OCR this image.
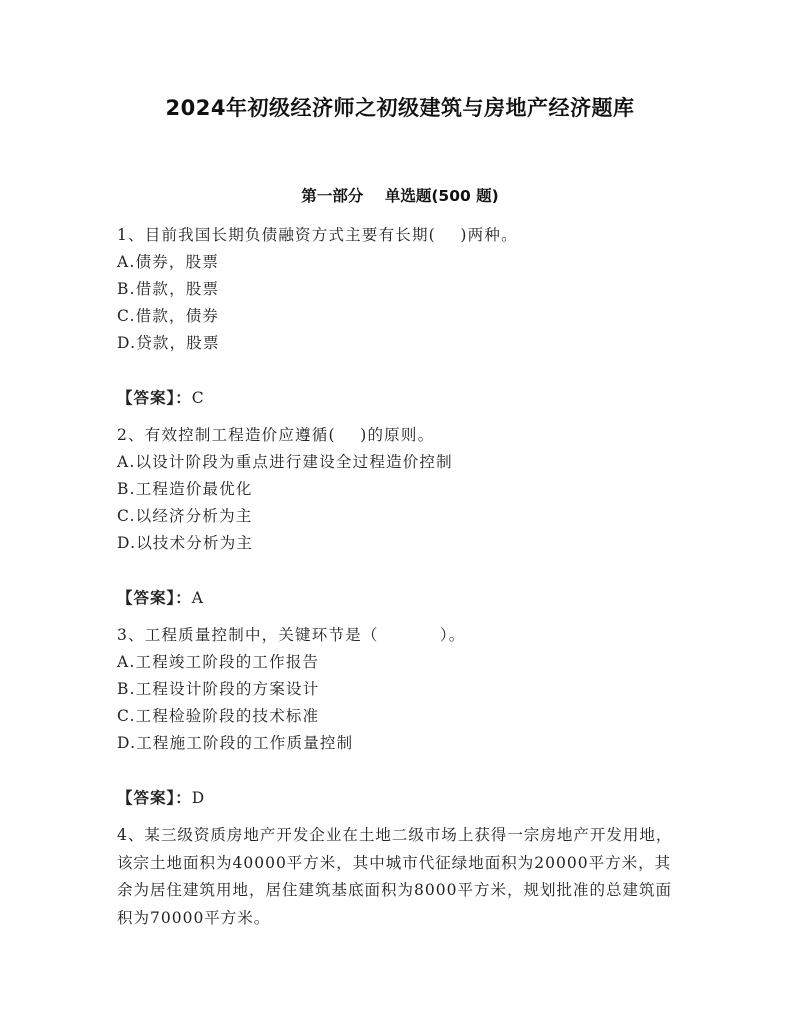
2024年初级经济师之初级建筑与房地产经济题库
第一部分    单选题(500 题)
1、目前我国长期负债融资方式主要有长期(    )两种。
A.债券，股票
B.借款，股票
C.借款，债券
D.贷款，股票
【答案】：C
2、有效控制工程造价应遵循(    )的原则。
A.以设计阶段为重点进行建设全过程造价控制
B.工程造价最优化
C.以经济分析为主
D.以技术分析为主
【答案】：A
3、工程质量控制中，关键环节是（          ）。
A.工程竣工阶段的工作报告
B.工程设计阶段的方案设计
C.工程检验阶段的技术标准
D.工程施工阶段的工作质量控制
【答案】：D
4、某三级资质房地产开发企业在土地二级市场上获得一宗房地产开发用地，该宗土地面积为40000平方米，其中城市代征绿地面积为20000平方米，其余为居住建筑用地，居住建筑基底面积为8000平方米，规划批准的总建筑面积为70000平方米。
